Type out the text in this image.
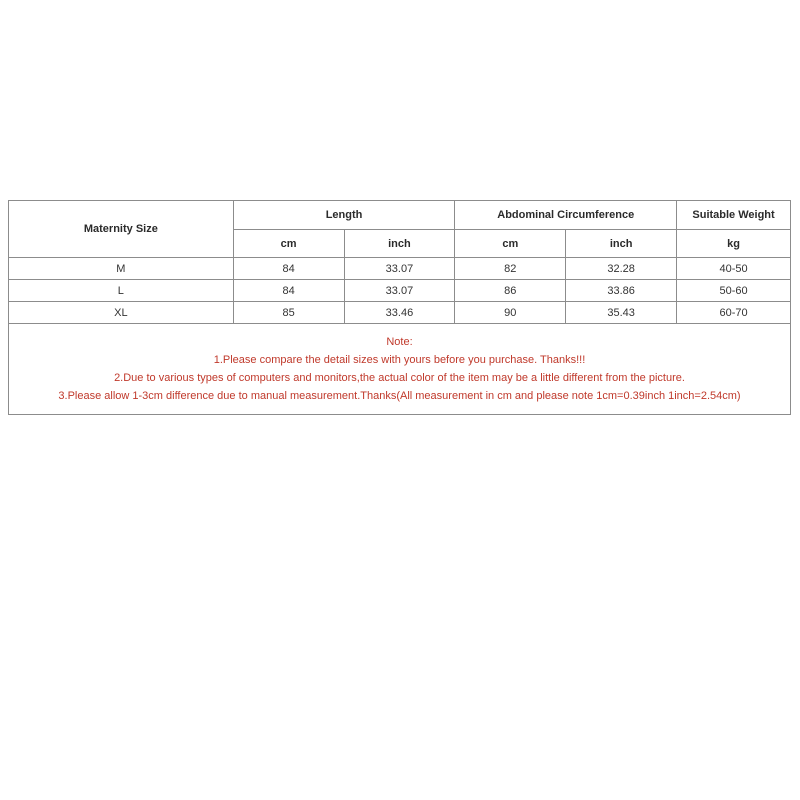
Maternity Size	Length		Abdominal Circumference		Suitable Weight
	cm	inch	cm	inch	kg
M	84	33.07	82	32.28	40-50
L	84	33.07	86	33.86	50-60
XL	85	33.46	90	35.43	60-70

Note:
1.Please compare the detail sizes with yours before you purchase. Thanks!!!
2.Due to various types of computers and monitors,the actual color of the item may be a little different from the picture.
3.Please allow 1-3cm difference due to manual measurement.Thanks(All measurement in cm and please note 1cm=0.39inch 1inch=2.54cm)					
